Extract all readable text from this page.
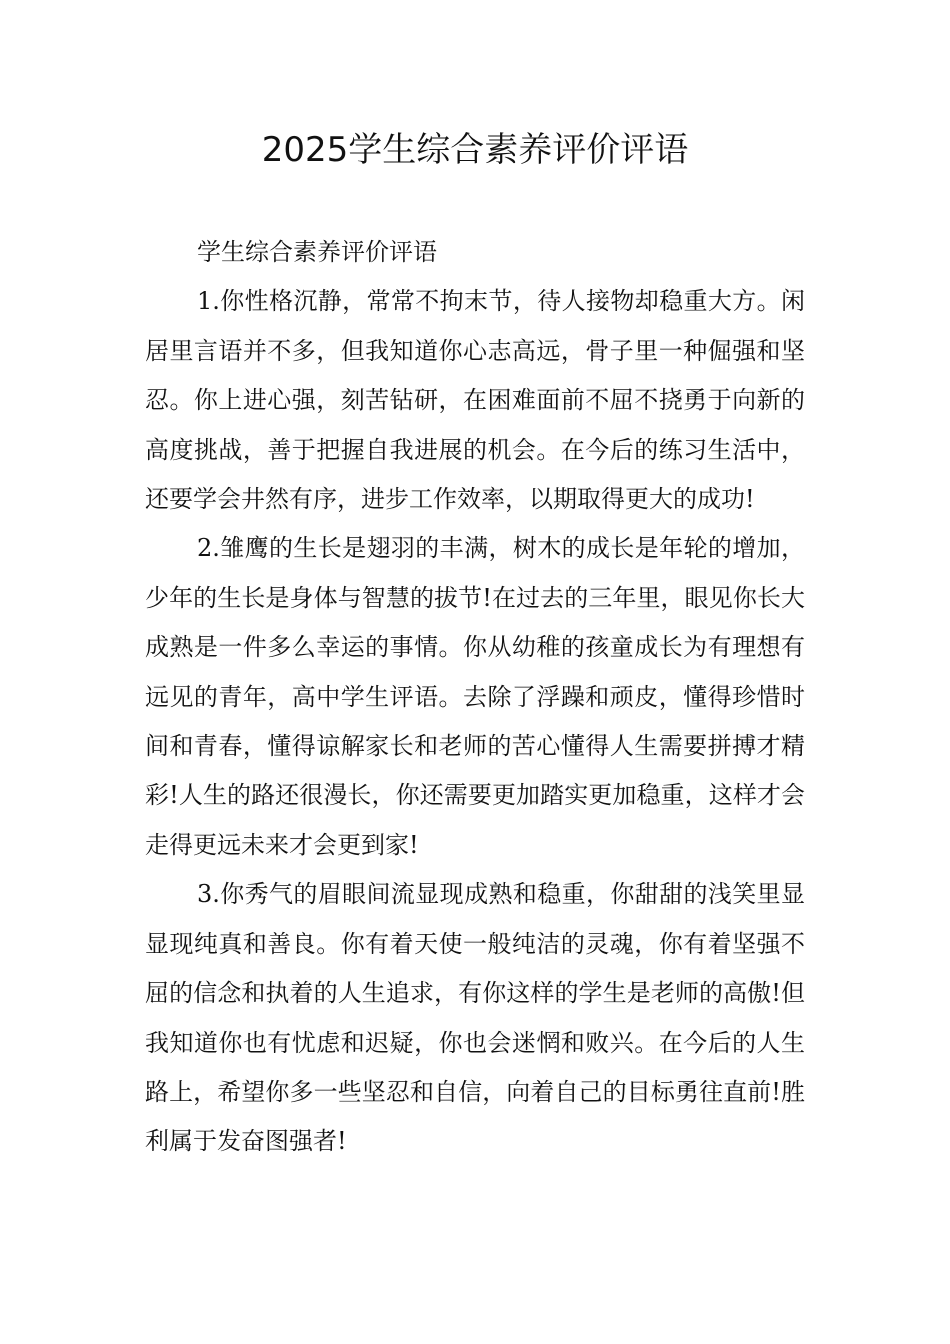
2025学生综合素养评价评语

学生综合素养评价评语

1.你性格沉静，常常不拘末节，待人接物却稳重大方。闲居里言语并不多，但我知道你心志高远，骨子里一种倔强和坚忍。你上进心强，刻苦钻研，在困难面前不屈不挠勇于向新的高度挑战，善于把握自我进展的机会。在今后的练习生活中，还要学会井然有序，进步工作效率，以期取得更大的成功!

2.雏鹰的生长是翅羽的丰满，树木的成长是年轮的增加，少年的生长是身体与智慧的拔节!在过去的三年里，眼见你长大成熟是一件多么幸运的事情。你从幼稚的孩童成长为有理想有远见的青年，高中学生评语。去除了浮躁和顽皮，懂得珍惜时间和青春，懂得谅解家长和老师的苦心懂得人生需要拼搏才精彩!人生的路还很漫长，你还需要更加踏实更加稳重，这样才会走得更远未来才会更到家!

3.你秀气的眉眼间流显现成熟和稳重，你甜甜的浅笑里显显现纯真和善良。你有着天使一般纯洁的灵魂，你有着坚强不屈的信念和执着的人生追求，有你这样的学生是老师的高傲!但我知道你也有忧虑和迟疑，你也会迷惘和败兴。在今后的人生路上，希望你多一些坚忍和自信，向着自己的目标勇往直前!胜利属于发奋图强者!
